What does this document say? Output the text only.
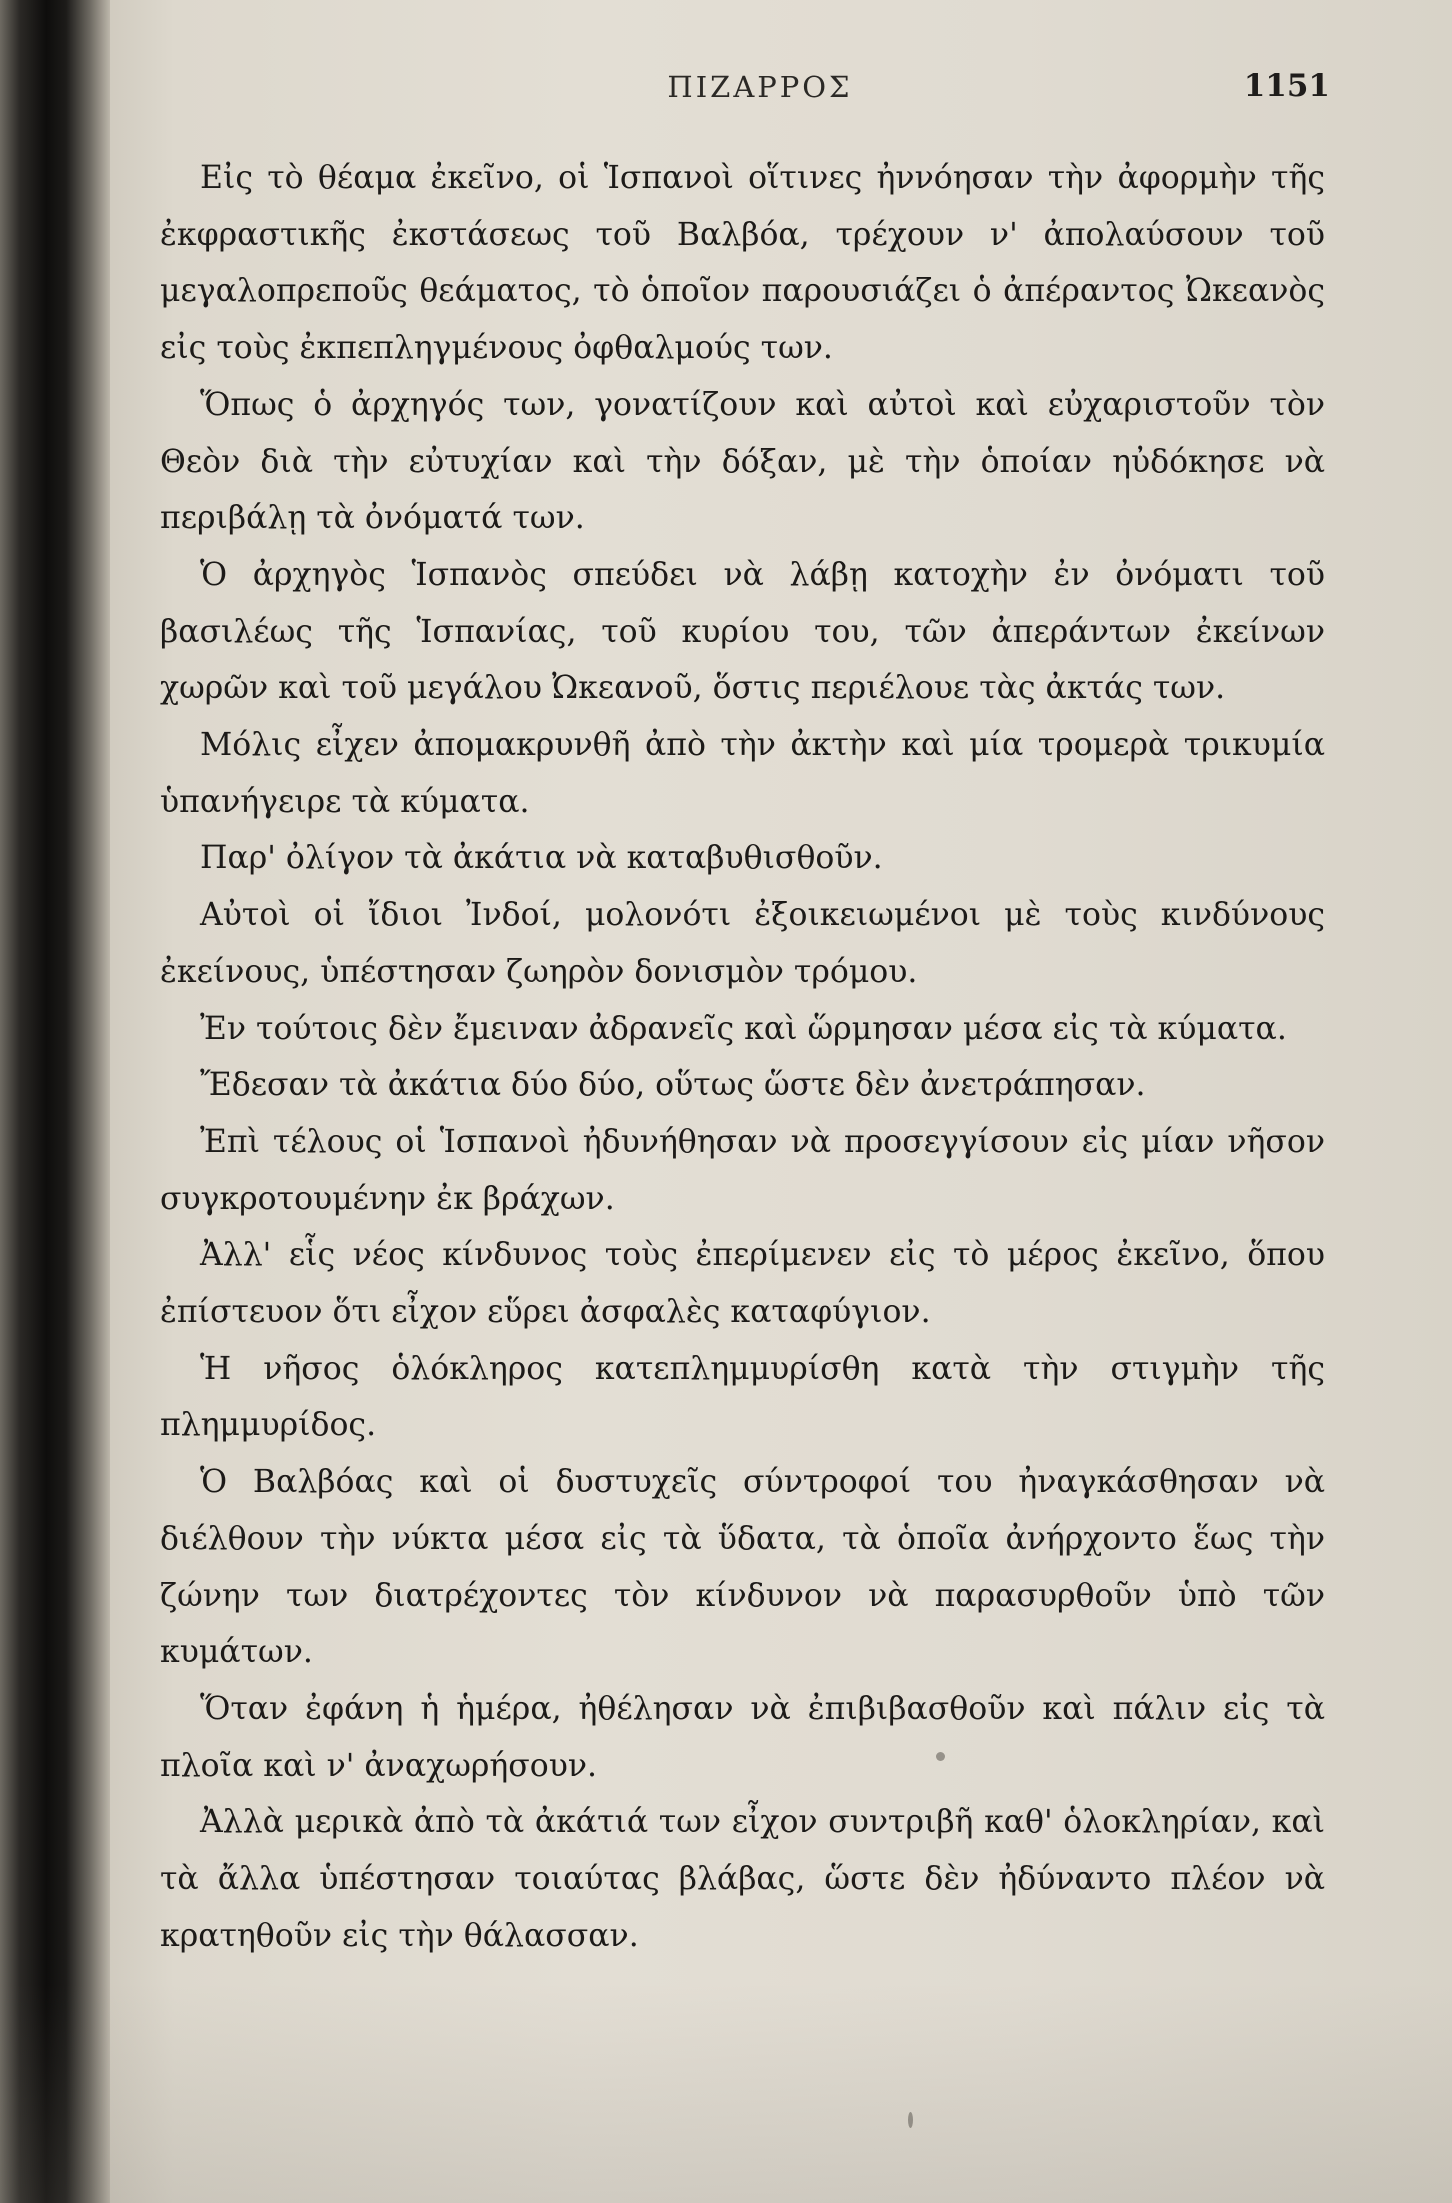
ΠΙΖΑΡΡΟΣ	1151

Εἰς τὸ θέαμα ἐκεῖνο, οἱ Ἱσπανοὶ οἵτινες ἠννόησαν τὴν ἀφορμὴν τῆς ἐκφραστικῆς ἐκστάσεως τοῦ Βαλβόα, τρέχουν ν' ἀπολαύσουν τοῦ μεγαλοπρεποῦς θεάματος, τὸ ὁποῖον παρουσιάζει ὁ ἀπέραντος Ὠκεανὸς εἰς τοὺς ἐκπεπληγμένους ὀφθαλμούς των.

Ὅπως ὁ ἀρχηγός των, γονατίζουν καὶ αὐτοὶ καὶ εὐχαριστοῦν τὸν Θεὸν διὰ τὴν εὐτυχίαν καὶ τὴν δόξαν, μὲ τὴν ὁποίαν ηὐδόκησε νὰ περιβάλῃ τὰ ὀνόματά των.

Ὁ ἀρχηγὸς Ἱσπανὸς σπεύδει νὰ λάβῃ κατοχὴν ἐν ὀνόματι τοῦ βασιλέως τῆς Ἱσπανίας, τοῦ κυρίου του, τῶν ἀπεράντων ἐκείνων χωρῶν καὶ τοῦ μεγάλου Ὠκεανοῦ, ὅστις περιέλουε τὰς ἀκτάς των.

Μόλις εἶχεν ἀπομακρυνθῆ ἀπὸ τὴν ἀκτὴν καὶ μία τρομερὰ τρικυμία ὑπανήγειρε τὰ κύματα.

Παρ' ὀλίγον τὰ ἀκάτια νὰ καταβυθισθοῦν.

Αὐτοὶ οἱ ἴδιοι Ἰνδοί, μολονότι ἐξοικειωμένοι μὲ τοὺς κινδύνους ἐκείνους, ὑπέστησαν ζωηρὸν δονισμὸν τρόμου.

Ἐν τούτοις δὲν ἔμειναν ἀδρανεῖς καὶ ὥρμησαν μέσα εἰς τὰ κύματα.

Ἔδεσαν τὰ ἀκάτια δύο δύο, οὕτως ὥστε δὲν ἀνετράπησαν.

Ἐπὶ τέλους οἱ Ἱσπανοὶ ἠδυνήθησαν νὰ προσεγγίσουν εἰς μίαν νῆσον συγκροτουμένην ἐκ βράχων.

Ἀλλ' εἷς νέος κίνδυνος τοὺς ἐπερίμενεν εἰς τὸ μέρος ἐκεῖνο, ὅπου ἐπίστευον ὅτι εἶχον εὕρει ἀσφαλὲς καταφύγιον.

Ἡ νῆσος ὁλόκληρος κατεπλημμυρίσθη κατὰ τὴν στιγμὴν τῆς πλημμυρίδος.

Ὁ Βαλβόας καὶ οἱ δυστυχεῖς σύντροφοί του ἠναγκάσθησαν νὰ διέλθουν τὴν νύκτα μέσα εἰς τὰ ὕδατα, τὰ ὁποῖα ἀνήρχοντο ἕως τὴν ζώνην των διατρέχοντες τὸν κίνδυνον νὰ παρασυρθοῦν ὑπὸ τῶν κυμάτων.

Ὅταν ἐφάνη ἡ ἡμέρα, ἠθέλησαν νὰ ἐπιβιβασθοῦν καὶ πάλιν εἰς τὰ πλοῖα καὶ ν' ἀναχωρήσουν.

Ἀλλὰ μερικὰ ἀπὸ τὰ ἀκάτιά των εἶχον συντριβῆ καθ' ὁλοκληρίαν, καὶ τὰ ἄλλα ὑπέστησαν τοιαύτας βλάβας, ὥστε δὲν ἠδύναντο πλέον νὰ κρατηθοῦν εἰς τὴν θάλασσαν.
